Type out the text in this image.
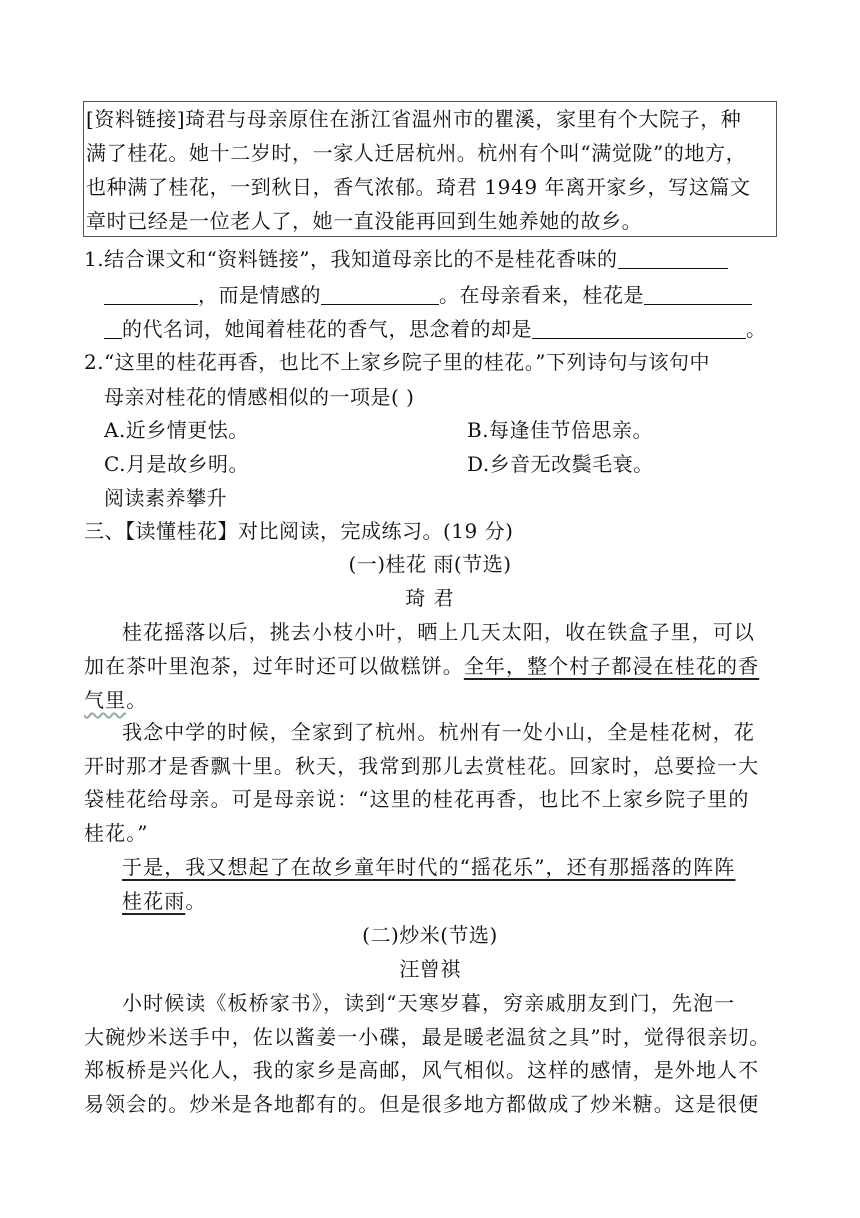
[资料链接]琦君与母亲原住在浙江省温州市的瞿溪，家里有个大院子，种
满了桂花。她十二岁时，一家人迁居杭州。杭州有个叫“满觉陇”的地方，
也种满了桂花，一到秋日，香气浓郁。琦君 1949 年离开家乡，写这篇文
章时已经是一位老人了，她一直没能再回到生她养她的故乡。
1.结合课文和“资料链接”，我知道母亲比的不是桂花香味的
，而是情感的	。在母亲看来，桂花是
的代名词，她闻着桂花的香气，思念着的却是	。
2.“这里的桂花再香，也比不上家乡院子里的桂花。”下列诗句与该句中
母亲对桂花的情感相似的一项是( )
A.近乡情更怯。	B.每逢佳节倍思亲。
C.月是故乡明。	D.乡音无改鬓毛衰。
阅读素养攀升
三、【读懂桂花】对比阅读，完成练习。(19 分)
(一)桂花 雨(节选)
琦 君
桂花摇落以后，挑去小枝小叶，晒上几天太阳，收在铁盒子里，可以
加在茶叶里泡茶，过年时还可以做糕饼。全年，整个村子都浸在桂花的香
气里。
我念中学的时候，全家到了杭州。杭州有一处小山，全是桂花树，花
开时那才是香飘十里。秋天，我常到那儿去赏桂花。回家时，总要捡一大
袋桂花给母亲。可是母亲说：“这里的桂花再香，也比不上家乡院子里的
桂花。”
于是，我又想起了在故乡童年时代的“摇花乐”，还有那摇落的阵阵
桂花雨。
(二)炒米(节选)
汪曾祺
小时候读《板桥家书》，读到“天寒岁暮，穷亲戚朋友到门，先泡一
大碗炒米送手中，佐以酱姜一小碟，最是暖老温贫之具”时，觉得很亲切。
郑板桥是兴化人，我的家乡是高邮，风气相似。这样的感情，是外地人不
易领会的。炒米是各地都有的。但是很多地方都做成了炒米糖。这是很便
